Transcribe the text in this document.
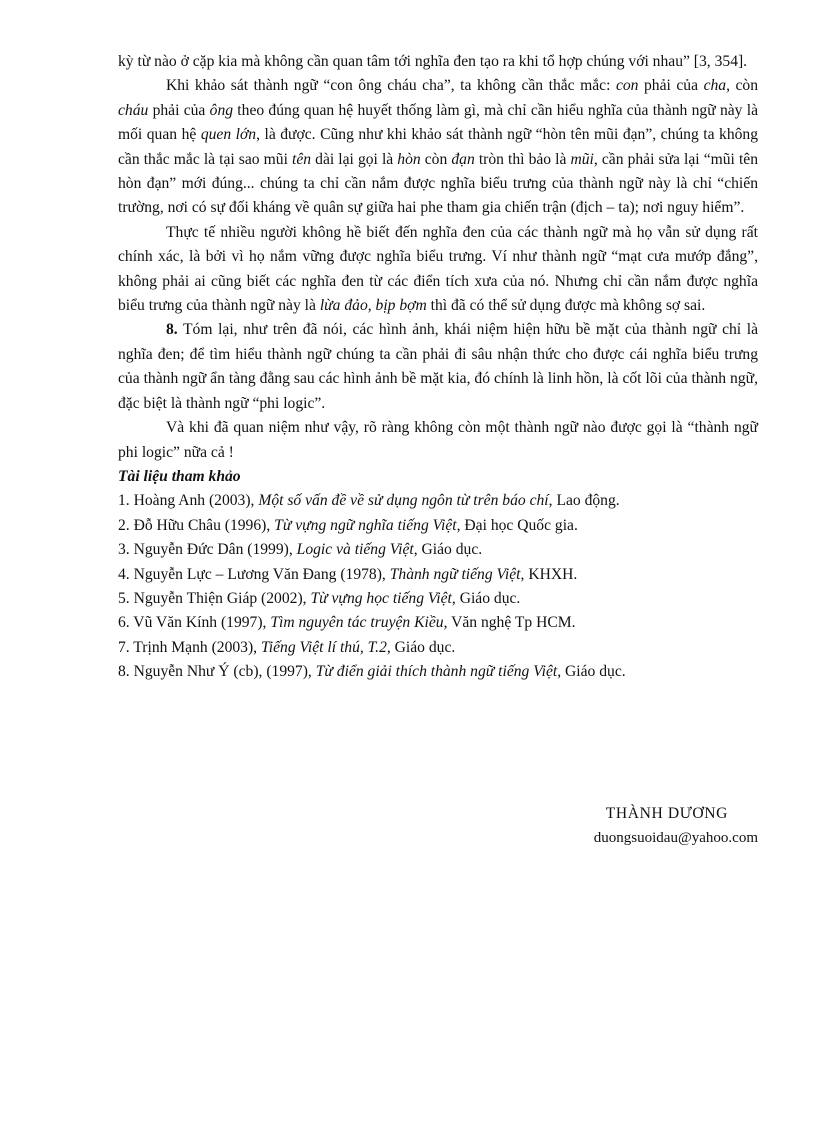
kỳ từ nào ở cặp kia mà không cần quan tâm tới nghĩa đen tạo ra khi tổ hợp chúng với nhau” [3, 354].

Khi khảo sát thành ngữ “con ông cháu cha”, ta không cần thắc mắc: con phải của cha, còn cháu phải của ông theo đúng quan hệ huyết thống làm gì, mà chỉ cần hiểu nghĩa của thành ngữ này là mối quan hệ quen lớn, là được. Cũng như khi khảo sát thành ngữ “hòn tên mũi đạn”, chúng ta không cần thắc mắc là tại sao mũi tên dài lại gọi là hòn còn đạn tròn thì bảo là mũi, cần phải sửa lại “mũi tên hòn đạn” mới đúng... chúng ta chỉ cần nắm được nghĩa biểu trưng của thành ngữ này là chỉ “chiến trường, nơi có sự đối kháng về quân sự giữa hai phe tham gia chiến trận (địch – ta); nơi nguy hiểm”.

Thực tế nhiều người không hề biết đến nghĩa đen của các thành ngữ mà họ vẫn sử dụng rất chính xác, là bởi vì họ nắm vững được nghĩa biểu trưng. Ví như thành ngữ “mạt cưa mướp đắng”, không phải ai cũng biết các nghĩa đen từ các điển tích xưa của nó. Nhưng chỉ cần nắm được nghĩa biểu trưng của thành ngữ này là lừa đảo, bịp bợm thì đã có thể sử dụng được mà không sợ sai.

8. Tóm lại, như trên đã nói, các hình ảnh, khái niệm hiện hữu bề mặt của thành ngữ chỉ là nghĩa đen; để tìm hiểu thành ngữ chúng ta cần phải đi sâu nhận thức cho được cái nghĩa biểu trưng của thành ngữ ẩn tàng đằng sau các hình ảnh bề mặt kia, đó chính là linh hồn, là cốt lõi của thành ngữ, đặc biệt là thành ngữ “phi logic”.

Và khi đã quan niệm như vậy, rõ ràng không còn một thành ngữ nào được gọi là “thành ngữ phi logic” nữa cả !

Tài liệu tham khảo

1. Hoàng Anh (2003), Một số vấn đề về sử dụng ngôn từ trên báo chí, Lao động.
2. Đỗ Hữu Châu (1996), Từ vựng ngữ nghĩa tiếng Việt, Đại học Quốc gia.
3. Nguyễn Đức Dân (1999), Logic và tiếng Việt, Giáo dục.
4. Nguyễn Lực – Lương Văn Đang (1978), Thành ngữ tiếng Việt, KHXH.
5. Nguyễn Thiện Giáp (2002), Từ vựng học tiếng Việt, Giáo dục.
6. Vũ Văn Kính (1997), Tìm nguyên tác truyện Kiều, Văn nghệ Tp HCM.
7. Trịnh Mạnh (2003), Tiếng Việt lí thú, T.2, Giáo dục.
8. Nguyễn Như Ý (cb), (1997), Từ điển giải thích thành ngữ tiếng Việt, Giáo dục.
THÀNH DƯƠNG
duongsuoidau@yahoo.com
